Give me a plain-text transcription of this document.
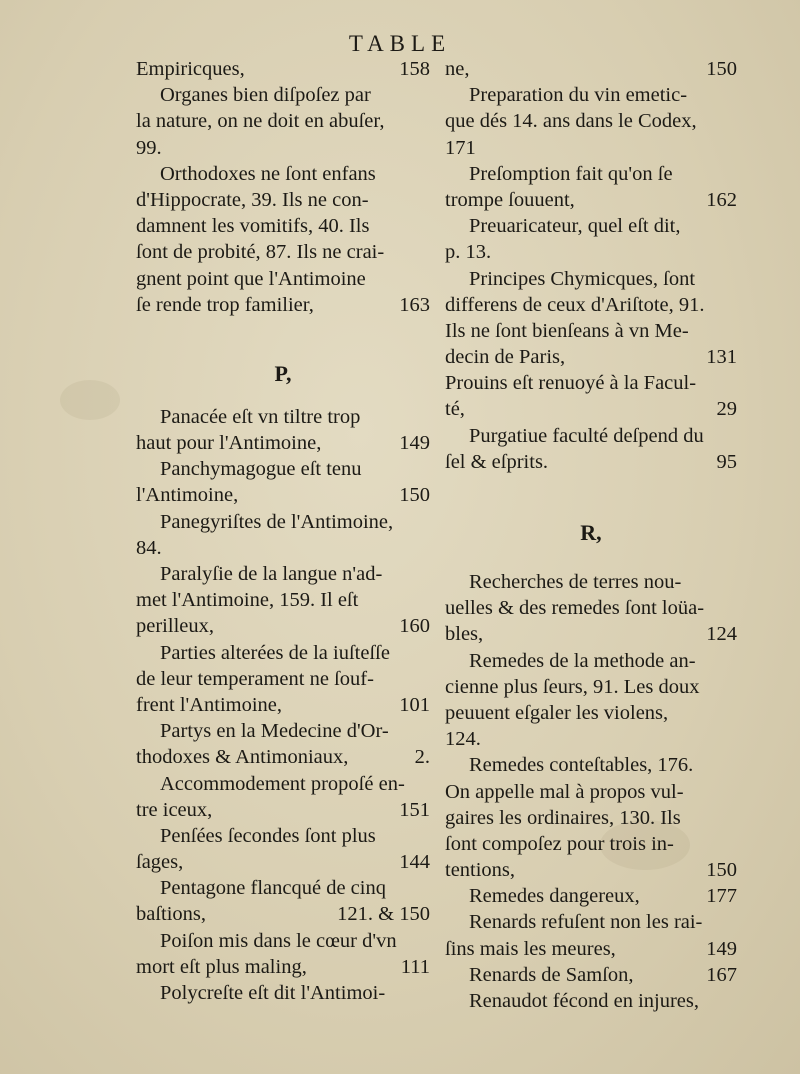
TABLE
Empiricques,	158
Organes bien diſpoſez par
la nature, on ne doit en abuſer,
99.
Orthodoxes ne ſont enfans
d'Hippocrate, 39. Ils ne con-
damnent les vomitifs, 40. Ils
ſont de probité, 87. Ils ne crai-
gnent point que l'Antimoine
ſe rende trop familier,	163
P,
Panacée eſt vn tiltre trop
haut pour l'Antimoine,	149
Panchymagogue eſt tenu
l'Antimoine,	150
Panegyriſtes de l'Antimoine,
84.
Paralyſie de la langue n'ad-
met l'Antimoine, 159. Il eſt
perilleux,	160
Parties alterées de la iuſteſſe
de leur temperament ne ſouf-
frent l'Antimoine,	101
Partys en la Medecine d'Or-
thodoxes & Antimoniaux,	2.
Accommodement propoſé en-
tre iceux,	151
Penſées ſecondes ſont plus
ſages,	144
Pentagone flancqué de cinq
baſtions,	121. & 150
Poiſon mis dans le cœur d'vn
mort eſt plus maling,	111
Polycreſte eſt dit l'Antimoi-
ne,	150
Preparation du vin emetic-
que dés 14. ans dans le Codex,
171
Preſomption fait qu'on ſe
trompe ſouuent,	162
Preuaricateur, quel eſt dit,
p. 13.
Principes Chymicques, ſont
differens de ceux d'Ariſtote, 91.
Ils ne ſont bienſeans à vn Me-
decin de Paris,	131
Prouins eſt renuoyé à la Facul-
té,	29
Purgatiue faculté deſpend du
ſel & eſprits.	95
R,
Recherches de terres nou-
uelles & des remedes ſont loüa-
bles,	124
Remedes de la methode an-
cienne plus ſeurs, 91. Les doux
peuuent eſgaler les violens,
124.
Remedes conteſtables, 176.
On appelle mal à propos vul-
gaires les ordinaires, 130. Ils
ſont compoſez pour trois in-
tentions,	150
Remedes dangereux,	177
Renards refuſent non les rai-
ſins mais les meures,	149
Renards de Samſon,	167
Renaudot fécond en injures,
